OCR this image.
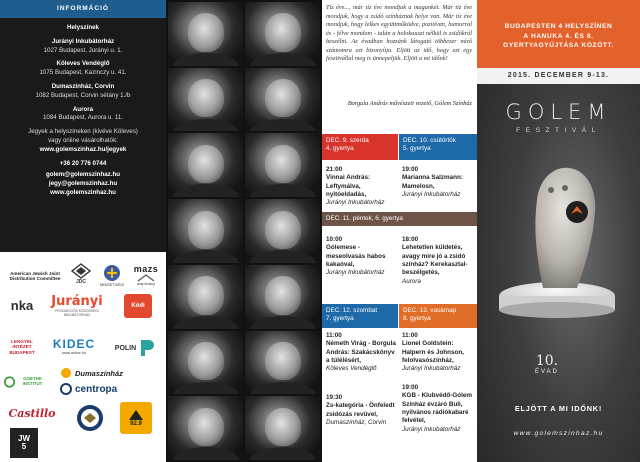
INFORMÁCIÓ
Helyszínek
Jurányi Inkubátorház
1027 Budapest, Jurányi u. 1.
Köleves Vendéglő
1075 Budapest, Kazinczy u. 41.
Dumaszínház, Corvin
1082 Budapest, Corvin sétány 1./b
Aurora
1084 Budapest, Aurora u. 11.
Jegyek a helyszíneken (kivéve Köleves)
vagy online vásárolhatók:
www.golemszinhaz.hu/jegyek
+36 20 776 0744
golem@golemszinhaz.hu
jegy@golemszinhaz.hu
www.golemszinhaz.hu
American Jewish Joint Distribution Committee
JDC	NEMZETISÉGI
mazs
alapítvány
nka Jurányi
PRODUKCIÓS KÖZÖSSÉGI INKUBÁTORHÁZ
Kódi
LENGYEL INTÉZET BUDAPEST
KIDEC
www.aktive.hu
POLIN
GOETHE INSTITUT
Dumaszínház
centropa
Castillo
92.9
JW
5
Tíz éve..., már tíz éve mondjuk a magunkét. Már tíz éve mondjuk, hogy a zsidó színháznak helye van. Már tíz éve mondjuk, hogy lelkes együttműködve, pozitívan, humorral és - félve mondom - talán a holokauszt nélkül is zsidókról beszélni. Az évadban hozzánk látogató többezer néző számomra ezt bizonyítja. Eljött az idő, hogy ezt egy fesztivállal meg is ünnepeljük. Eljött a mi időnk!
Borgula András művészeti vezető, Gólem Színház
DEC. 9. szerda
4. gyertya
DEC. 10. csütörtök
5. gyertya
21:00
Vinnai András: Leftymálva, nyitóeldadás,
Jurányi Inkubátorház
19:00
Marianna Salzmann: Mamelosn,
Jurányi Inkubátorház
DEC. 11. péntek, 6. gyertya
10:00
Gólemese - meseolvasás habos kakaóval,
Jurányi Inkubátorház
18:00
Lehetetlen küldetés, avagy mire jó a zsidó színház? Kerekasztalbeszélgetés,
Aurora
DEC. 12. szombat
7. gyertya
DEC. 13. vasárnap
8. gyertya
11:00
Németh Virág - Borgula András: Szakácskönyv a túlélésért,
Köleves Vendéglő
19:30
Zs-kategória - Önfeledt zsidózás revüvel,
Dumaszínház, Corvin
11:00
Lionel Goldstein: Halpern és Johnson, felolvasószínház,
Jurányi Inkubátorház
19:00
KGB - Klubvédő-Gólem Színház évzáró Buli, nyilvános rádiókabaré felvétel,
Jurányi Inkubátorház
BUDAPESTEN 4 HELYSZÍNEN
A HANUKA 4. ÉS 8.
GYERTYAGYÚJTÁSA KÖZÖTT.
2015. DECEMBER 9-13.
GOLEM
FESZTIVÁL
10.
ÉVAD
ELJÖTT A MI IDŐNK!
www.golemszinhaz.hu
